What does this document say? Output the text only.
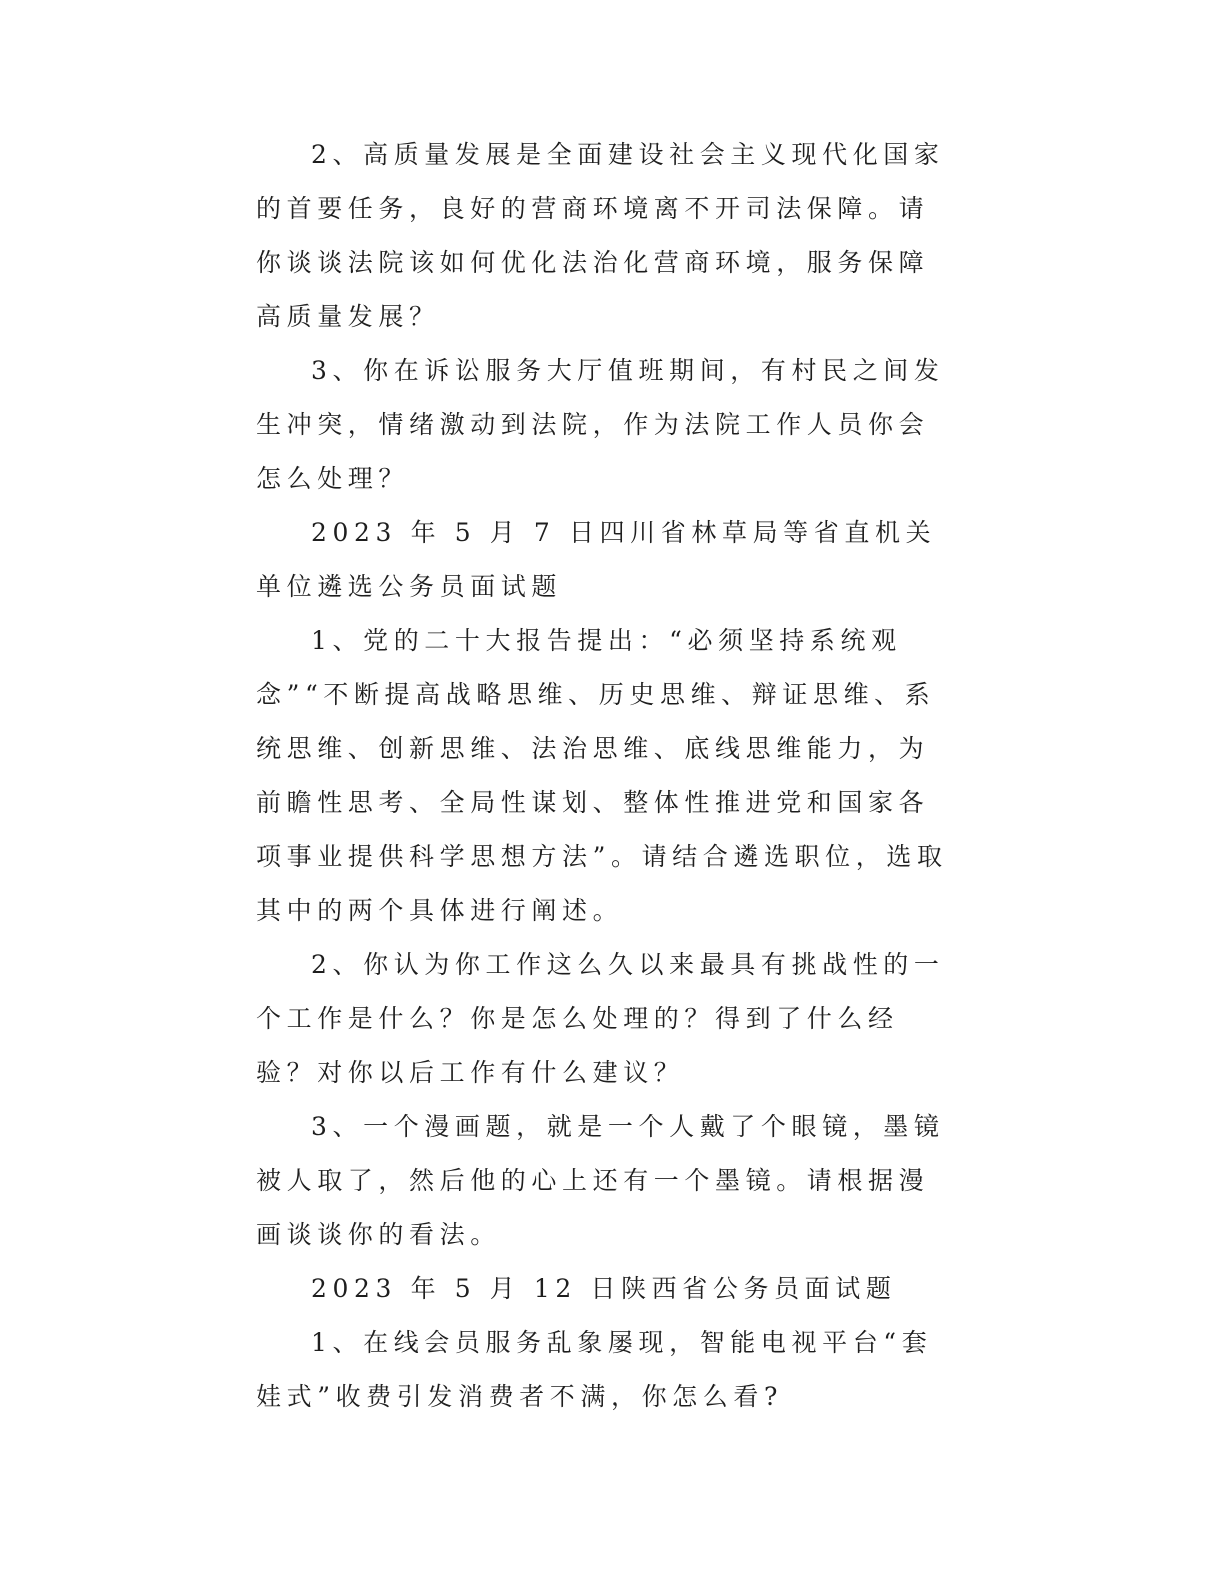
2、高质量发展是全面建设社会主义现代化国家的首要任务，良好的营商环境离不开司法保障。请你谈谈法院该如何优化法治化营商环境，服务保障高质量发展？

3、你在诉讼服务大厅值班期间，有村民之间发生冲突，情绪激动到法院，作为法院工作人员你会怎么处理？

2023 年 5 月 7 日四川省林草局等省直机关单位遴选公务员面试题

1、党的二十大报告提出：“必须坚持系统观念”“不断提高战略思维、历史思维、辩证思维、系统思维、创新思维、法治思维、底线思维能力，为前瞻性思考、全局性谋划、整体性推进党和国家各项事业提供科学思想方法”。请结合遴选职位，选取其中的两个具体进行阐述。

2、你认为你工作这么久以来最具有挑战性的一个工作是什么？你是怎么处理的？得到了什么经验？对你以后工作有什么建议？

3、一个漫画题，就是一个人戴了个眼镜，墨镜被人取了，然后他的心上还有一个墨镜。请根据漫画谈谈你的看法。

2023 年 5 月 12 日陕西省公务员面试题

1、在线会员服务乱象屡现，智能电视平台“套娃式”收费引发消费者不满，你怎么看?
